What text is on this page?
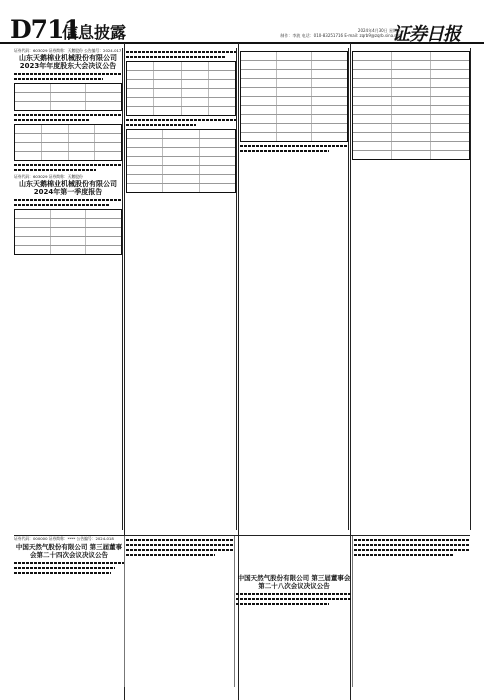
D711
信息披露	2024年4月30日 星期二
制作：李波 电话：010-83251716 E-mail: zqrb9@zqrb.sina.net
证券日报
证券代码：603029 证券简称：天鹅股份 公告编号：2024-017
山东天鹅棉业机械股份有限公司
2023年年度股东大会决议公告
证券代码：603029 证券简称：天鹅股份
山东天鹅棉业机械股份有限公司
2024年第一季度报告
证券代码：000000 证券简称：**** 公告编号：2024-018
中国天然气股份有限公司 第三届董事会第二十四次会议决议公告
中国天然气股份有限公司 第三届董事会第二十八次会议决议公告
